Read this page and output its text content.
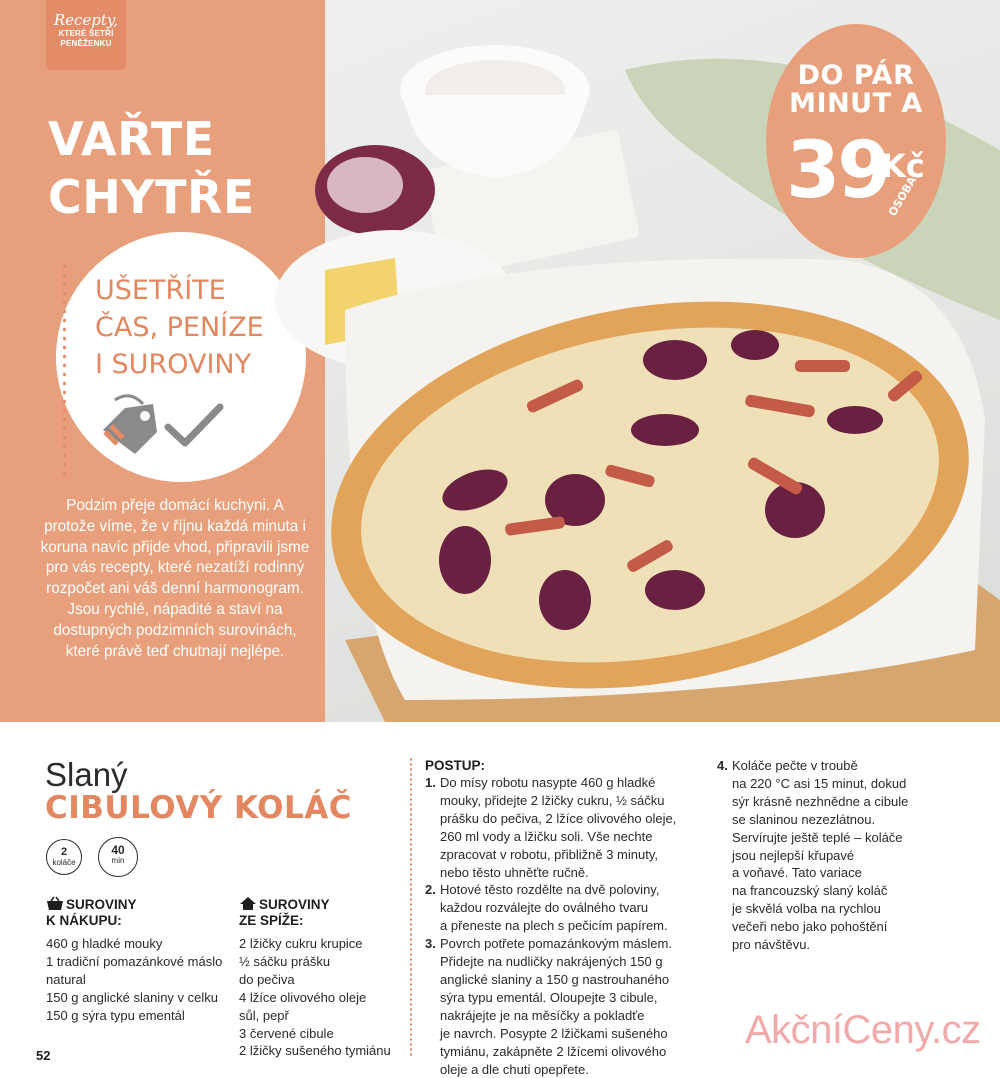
Recepty,
KTERÉ ŠETŘÍ
PENĚŽENKU
VAŘTE
CHYTŘE
UŠETŘÍTE
ČAS, PENÍZE
I SUROVINY

Podzim přeje domácí kuchyni. A protože víme, že v říjnu každá minuta i koruna navíc přijde vhod, připravili jsme pro vás recepty, které nezatíží rodinný rozpočet ani váš denní harmonogram. Jsou rychlé, nápadité a staví na dostupných podzimních surovinách, které právě teď chutnají nejlépe.

DO PÁR
MINUT A
39
Kč
OSOBA
Slaný
CIBULOVÝ KOLÁČ
2
koláče
40
min
SUROVINY
K NÁKUPU:
460 g hladké mouky
1 tradiční pomazánkové máslo
natural
150 g anglické slaniny v celku
150 g sýra typu ementál
SUROVINY
ZE SPÍŽE:
2 lžičky cukru krupice
½ sáčku prášku
do pečiva
4 lžíce olivového oleje
sůl, pepř
3 červené cibule
2 lžičky sušeného tymiánu
POSTUP:
1. Do mísy robotu nasypte 460 g hladké
mouky, přidejte 2 lžičky cukru, ½ sáčku
prášku do pečiva, 2 lžíce olivového oleje,
260 ml vody a lžičku soli. Vše nechte
zpracovat v robotu, přibližně 3 minuty,
nebo těsto uhněťte ručně.
2. Hotové těsto rozdělte na dvě poloviny,
každou rozválejte do oválného tvaru
a přeneste na plech s pečicím papírem.
3. Povrch potřete pomazánkovým máslem.
Přidejte na nudličky nakrájených 150 g
anglické slaniny a 150 g nastrouhaného
sýra typu ementál. Oloupejte 3 cibule,
nakrájejte je na měsíčky a pokladťe
je navrch. Posypte 2 lžičkami sušeného
tymiánu, zakápněte 2 lžícemi olivového
oleje a dle chuti opepřete.
4. Koláče pečte v troubě
na 220 °C asi 15 minut, dokud
sýr krásně nezhnědne a cibule
se slaninou nezezlátnou.
Servírujte ještě teplé – koláče
jsou nejlepší křupavé
a voňavé. Tato variace
na francouzský slaný koláč
je skvělá volba na rychlou
večeři nebo jako pohoštění
pro návštěvu.
AkčníCeny.cz
52
